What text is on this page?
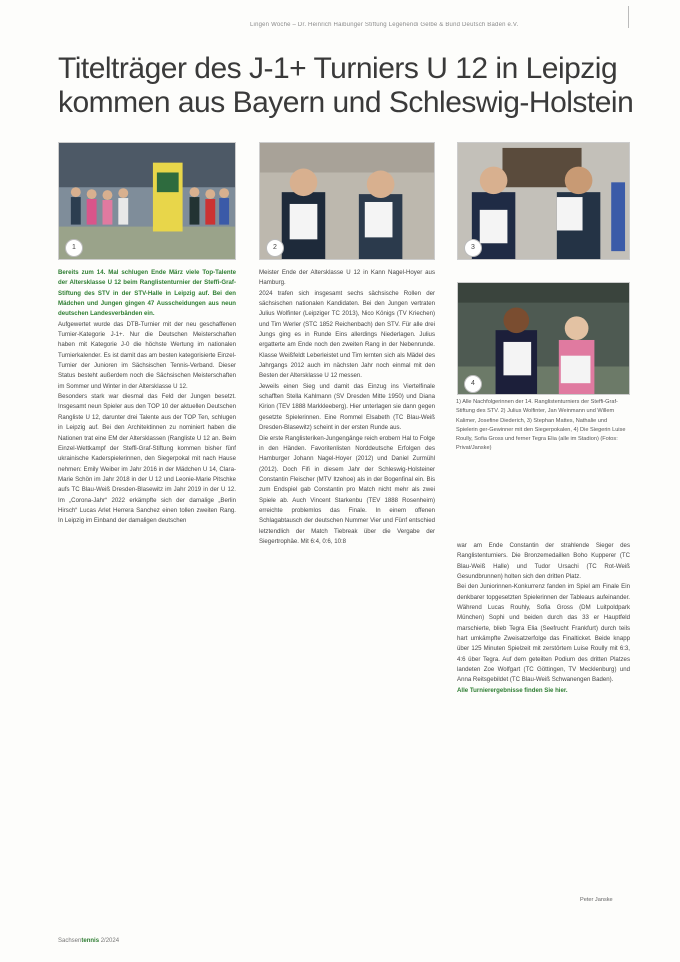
Lingen Woche – Dr. Heinrich Haibunger Stiftung Legehendi Gelbe & Bund Deutsch Baden e.V.
Titelträger des J-1+ Turniers U 12 in Leipzig
kommen aus Bayern und Schleswig-Holstein
1	2	3
4
1) Alle Nachfolgerinnen der 14. Ranglistenturniers der Steffi-Graf-Stiftung des STV. 2) Julius Wolfinter, Jan Weinmann und Willem Kalimer, Josefine Diederich, 3) Stephan Mattes, Nathalie und Spielerin ger-Gewinner mit den Siegerpokalen, 4) Die Siegerin Luise Roully, Sofia Gross und ferner Tegra Elia (alle im Stadion) (Fotos: Privat/Janske)

Bereits zum 14. Mal schlugen Ende März viele Top-Talente der Altersklasse U 12 beim Ranglistenturnier der Steffi-Graf-Stiftung des STV in der STV-Halle in Leipzig auf. Bei den Mädchen und Jungen gingen 47 Ausscheidungen aus neun deutschen Landesverbänden ein.

Aufgewertet wurde das DTB-Turnier mit der neu geschaffenen Turnier-Kategorie J-1+. Nur die Deutschen Meisterschaften haben mit Kategorie J-0 die höchste Wertung im nationalen Turnierkalender. Es ist damit das am besten kategorisierte Einzel-Turnier der Junioren im Sächsischen Tennis-Verband. Dieser Status besteht außerdem noch die Sächsischen Meisterschaften im Sommer und Winter in der Altersklasse U 12.

Besonders stark war diesmal das Feld der Jungen besetzt. Insgesamt neun Spieler aus den TOP 10 der aktuellen Deutschen Rangliste U 12, darunter drei Talente aus der TOP Ten, schlugen in Leipzig auf. Bei den Architektinnen zu nominiert haben die Nationen trat eine EM der Altersklassen (Rangliste U 12 an. Beim Einzel-Wettkampf der Steffi-Graf-Stiftung kommen bisher fünf ukrainische Kaderspielerinnen, den Siegerpokal mit nach Hause nehmen: Emily Weiber im Jahr 2016 in der Mädchen U 14, Clara-Marie Schön im Jahr 2018 in der U 12 und Leonie-Marie Pitschke aufs TC Blau-Weiß Dresden-Blasewitz im Jahr 2019 in der U 12. Im „Corona-Jahr“ 2022 erkämpfte sich der damalige „Berlin Hirsch“ Lucas Arlet Herrera Sanchez einen tollen zweiten Rang. In Leipzig im Einband der damaligen deutschen

Meister Ende der Altersklasse U 12 in Kann Nagel-Hoyer aus Hamburg.

2024 trafen sich insgesamt sechs sächsische Rollen der sächsischen nationalen Kandidaten. Bei den Jungen vertraten Julius Wolfinter (Leipziger TC 2013), Nico Königs (TV Kriechen) und Tim Werler (STC 1852 Reichenbach) den STV. Für alle drei Jungs ging es in Runde Eins allerdings Niederlagen. Julius ergatterte am Ende noch den zweiten Rang in der Nebenrunde. Klasse Weißfeldt Leberleistet und Tim lernten sich als Mädel des Jahrgangs 2012 auch im nächsten Jahr noch einmal mit den Besten der Altersklasse U 12 messen.

Jeweils einen Sieg und damit das Einzug ins Viertelfinale schafften Stella Kahlmann (SV Dresden Mitte 1950) und Diana Kirion (TEV 1888 Markkleeberg). Hier unterlagen sie dann gegen gesetzte Spielerinnen. Eine Rommel Elsabeth (TC Blau-Weiß Dresden-Blasewitz) scheint in der ersten Runde aus.

Die erste Ranglisteriken-Jungengänge reich erobern Hal to Folge in den Händen. Favoritenlisten Norddeutsche Erfolgen des Hamburger Johann Nagel-Hoyer (2012) und Daniel Zurmühl (2012). Doch Fifi in diesem Jahr der Schleswig-Holsteiner Constantin Fleischer (MTV Itzehoe) als in der Bogenfinal ein. Bis zum Endspiel gab Constantin pro Match nicht mehr als zwei Spiele ab. Auch Vincent Starkenbu (TEV 1888 Rosenheim) erreichte problemlos das Finale. In einem offenen Schlagabtausch der deutschen Nummer Vier und Fünf entschied letztendlich der Match Tiebreak über die Vergabe der Siegertrophäe. Mit 6:4, 0:6, 10:8

war am Ende Constantin der strahlende Sieger des Ranglistenturniers. Die Bronzemedaillen Boho Kupperer (TC Blau-Weiß Halle) und Tudor Ursachi (TC Rot-Weiß Gesundbrunnen) holten sich den dritten Platz.

Bei den Juniorinnen-Konkurrenz fanden im Spiel am Finale Ein denkbarer topgesetzten Spielerinnen der Tableaus aufeinander. Während Lucas Rouhly, Sofia Gross (DM Luitpoldpark München) Sophi und beiden durch das 33 er Hauptfeld marschierte, blieb Tegra Elia (Seefrucht Frankfurt) durch teils hart umkämpfte Zweisatzerfolge das Finalticket. Beide knapp über 125 Minuten Spielzeit mit zerstörtem Luise Roully mit 6:3, 4:6 über Tegra. Auf dem geteilten Podium des dritten Platzes landeten Zoe Wolfgart (TC Göttingen, TV Mecklenburg) und Anna Reitsgebildet (TC Blau-Weiß Schwanengen Baden).

Alle Turnierergebnisse finden Sie hier.

Peter Janske
Sachsentennis 2/2024
